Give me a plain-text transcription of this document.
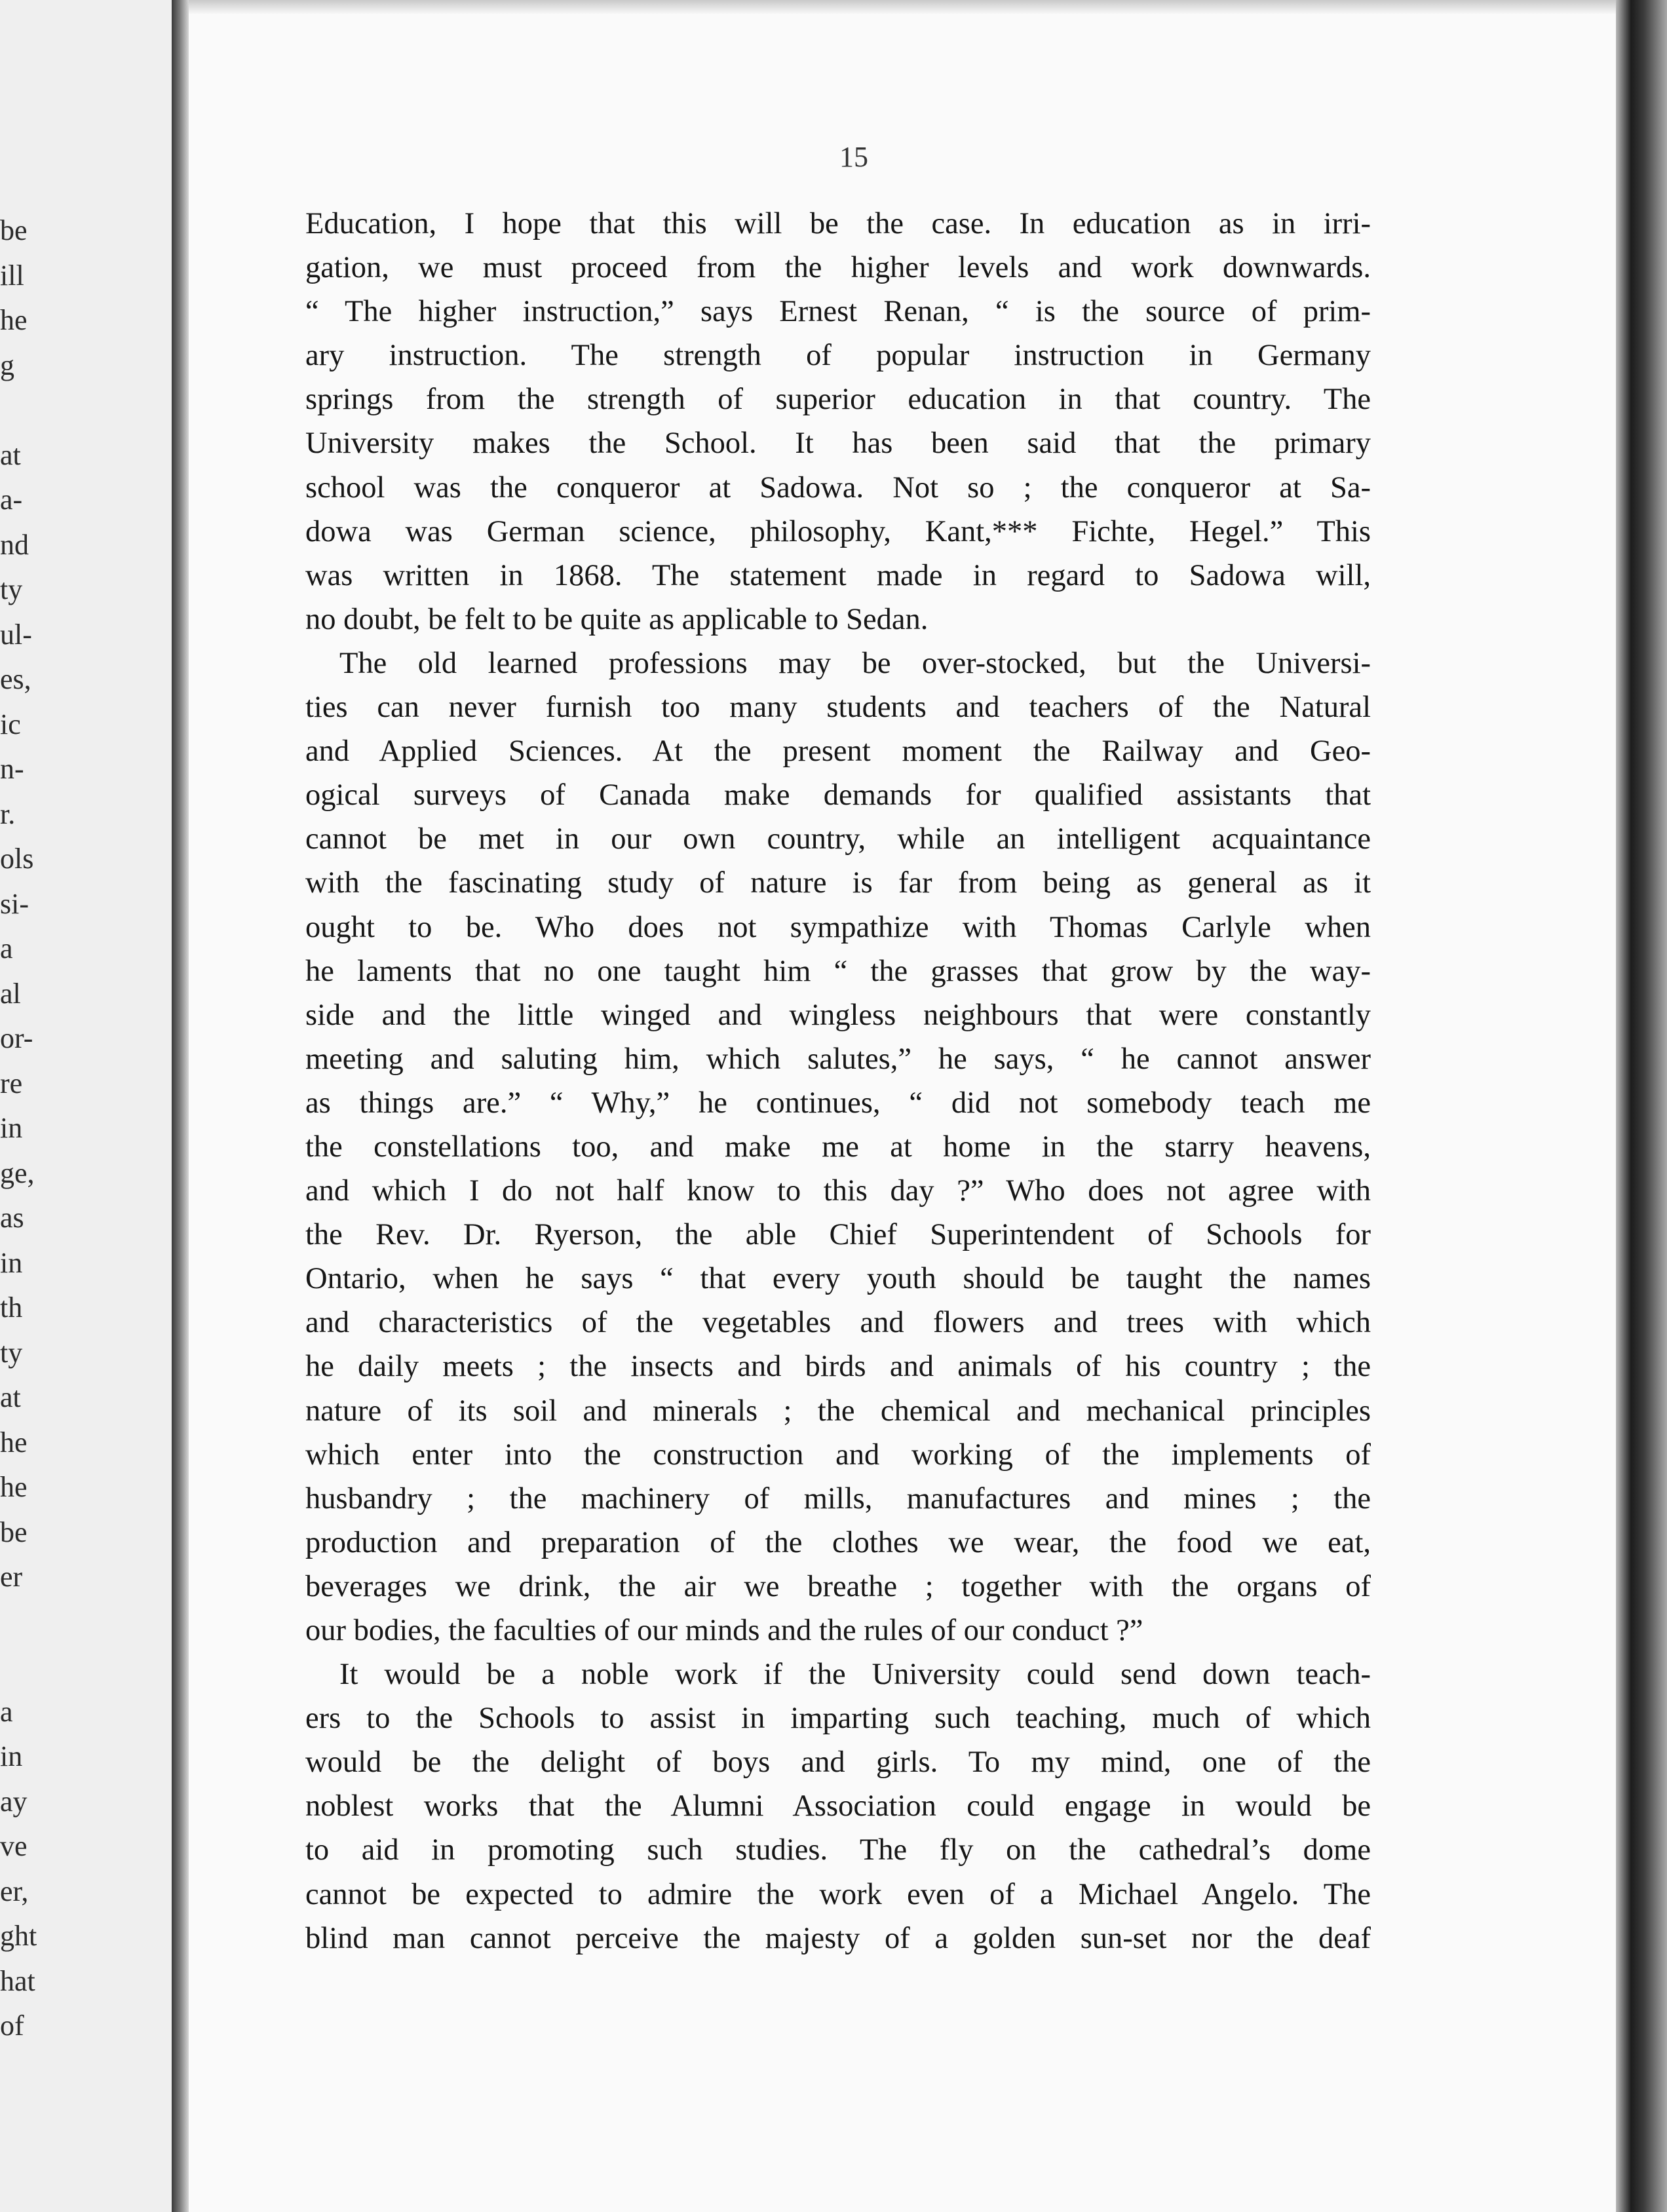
be
ill
he
g
at
a-
nd
ty
ul-
es,
ic
n-
r.
ols
si-
a
al
or-
re
in
ge,
as
in
th
ty
at
he
he
be
er
a
in
ay
ve
er,
ght
hat
of
15
Education, I hope that this will be the case. In education as in irri-
gation, we must proceed from the higher levels and work downwards.
“ The higher instruction,” says Ernest Renan, “ is the source of prim-
ary instruction. The strength of popular instruction in Germany
springs from the strength of superior education in that country. The
University makes the School. It has been said that the primary
school was the conqueror at Sadowa. Not so ; the conqueror at Sa-
dowa was German science, philosophy, Kant,*** Fichte, Hegel.” This
was written in 1868. The statement made in regard to Sadowa will,
no doubt, be felt to be quite as applicable to Sedan.
The old learned professions may be over-stocked, but the Universi-
ties can never furnish too many students and teachers of the Natural
and Applied Sciences. At the present moment the Railway and Geo-
ogical surveys of Canada make demands for qualified assistants that
cannot be met in our own country, while an intelligent acquaintance
with the fascinating study of nature is far from being as general as it
ought to be. Who does not sympathize with Thomas Carlyle when
he laments that no one taught him “ the grasses that grow by the way-
side and the little winged and wingless neighbours that were constantly
meeting and saluting him, which salutes,” he says, “ he cannot answer
as things are.” “ Why,” he continues, “ did not somebody teach me
the constellations too, and make me at home in the starry heavens,
and which I do not half know to this day ?” Who does not agree with
the Rev. Dr. Ryerson, the able Chief Superintendent of Schools for
Ontario, when he says “ that every youth should be taught the names
and characteristics of the vegetables and flowers and trees with which
he daily meets ; the insects and birds and animals of his country ; the
nature of its soil and minerals ; the chemical and mechanical principles
which enter into the construction and working of the implements of
husbandry ; the machinery of mills, manufactures and mines ; the
production and preparation of the clothes we wear, the food we eat,
beverages we drink, the air we breathe ; together with the organs of
our bodies, the faculties of our minds and the rules of our conduct ?”
It would be a noble work if the University could send down teach-
ers to the Schools to assist in imparting such teaching, much of which
would be the delight of boys and girls. To my mind, one of the
noblest works that the Alumni Association could engage in would be
to aid in promoting such studies. The fly on the cathedral’s dome
cannot be expected to admire the work even of a Michael Angelo. The
blind man cannot perceive the majesty of a golden sun-set nor the deaf
